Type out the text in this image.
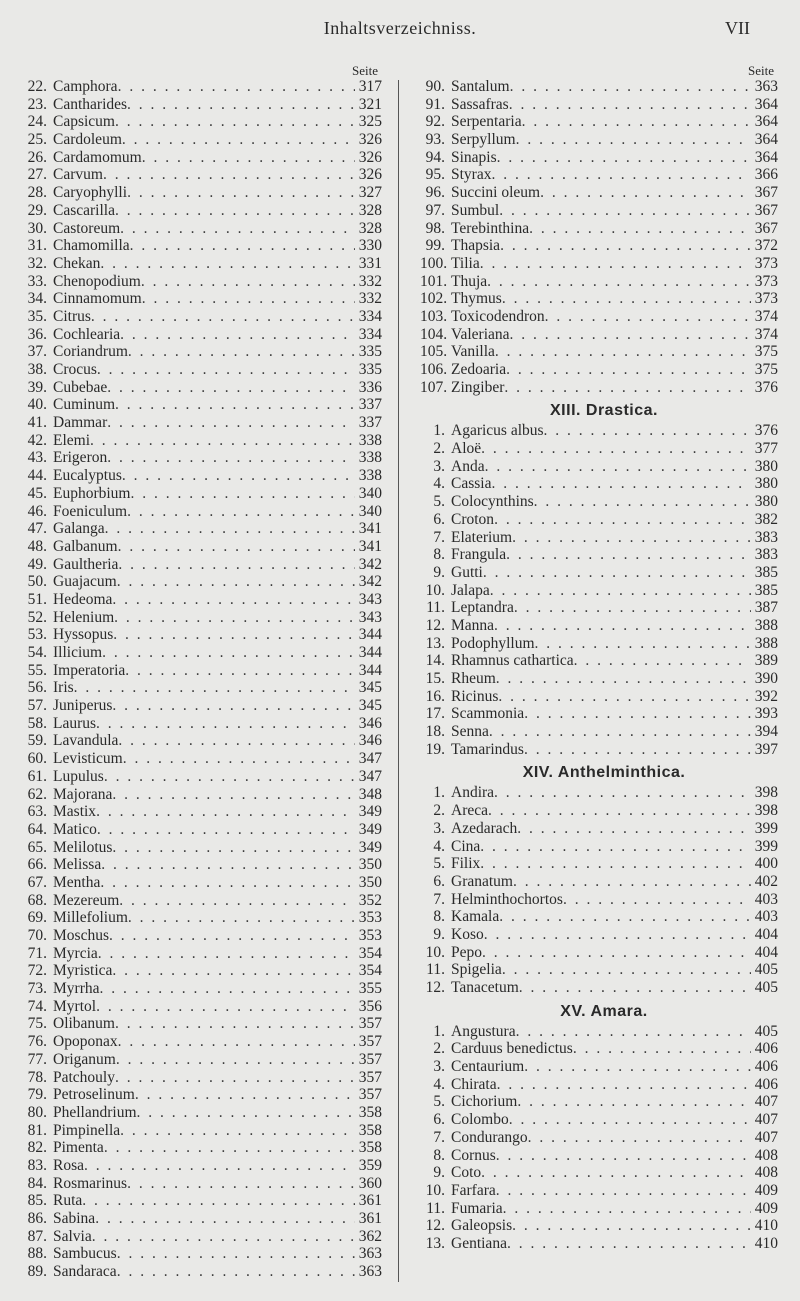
Inhaltsverzeichniss.	VII
Seite
22. Camphora . . .	317
23. Cantharides . . .	321
24. Capsicum . . .	325
25. Cardoleum . . .	326
26. Cardamomum . . .	326
27. Carvum . . .	326
28. Caryophylli . . .	327
29. Cascarilla . . .	328
30. Castoreum . . .	328
31. Chamomilla . . .	330
32. Chekan . . .	331
33. Chenopodium . . .	332
34. Cinnamomum . . .	332
35. Citrus . . .	334
36. Cochlearia . . .	334
37. Coriandrum . . .	335
38. Crocus . . .	335
39. Cubebae . . .	336
40. Cuminum . . .	337
41. Dammar . . .	337
42. Elemi . . .	338
43. Erigeron . . .	338
44. Eucalyptus . . .	338
45. Euphorbium . . .	340
46. Foeniculum . . .	340
47. Galanga . . .	341
48. Galbanum . . .	341
49. Gaultheria . . .	342
50. Guajacum . . .	342
51. Hedeoma . . .	343
52. Helenium . . .	343
53. Hyssopus . . .	344
54. Illicium . . .	344
55. Imperatoria . . .	344
56. Iris . . .	345
57. Juniperus . . .	345
58. Laurus . . .	346
59. Lavandula . . .	346
60. Levisticum . . .	347
61. Lupulus . . .	347
62. Majorana . . .	348
63. Mastix . . .	349
64. Matico . . .	349
65. Melilotus . . .	349
66. Melissa . . .	350
67. Mentha . . .	350
68. Mezereum . . .	352
69. Millefolium . . .	353
70. Moschus . . .	353
71. Myrcia . . .	354
72. Myristica . . .	354
73. Myrrha . . .	355
74. Myrtol . . .	356
75. Olibanum . . .	357
76. Opoponax . . .	357
77. Origanum . . .	357
78. Patchouly . . .	357
79. Petroselinum . . .	357
80. Phellandrium . . .	358
81. Pimpinella . . .	358
82. Pimenta . . .	358
83. Rosa . . .	359
84. Rosmarinus . . .	360
85. Ruta . . .	361
86. Sabina . . .	361
87. Salvia . . .	362
88. Sambucus . . .	363
89. Sandaraca . . .	363
Seite
90. Santalum . . .	363
91. Sassafras . . .	364
92. Serpentaria . . .	364
93. Serpyllum . . .	364
94. Sinapis . . .	364
95. Styrax . . .	366
96. Succini oleum . . .	367
97. Sumbul . . .	367
98. Terebinthina . . .	367
99. Thapsia . . .	372
100. Tilia . . .	373
101. Thuja . . .	373
102. Thymus . . .	373
103. Toxicodendron . . .	374
104. Valeriana . . .	374
105. Vanilla . . .	375
106. Zedoaria . . .	375
107. Zingiber . . .	376
XIII. Drastica.
1. Agaricus albus . . .	376
2. Aloë . . .	377
3. Anda . . .	380
4. Cassia . . .	380
5. Colocynthins . . .	380
6. Croton . . .	382
7. Elaterium . . .	383
8. Frangula . . .	383
9. Gutti . . .	385
10. Jalapa . . .	385
11. Leptandra . . .	387
12. Manna . . .	388
13. Podophyllum . . .	388
14. Rhamnus cathartica . . .	389
15. Rheum . . .	390
16. Ricinus . . .	392
17. Scammonia . . .	393
18. Senna . . .	394
19. Tamarindus . . .	397
XIV. Anthelminthica.
1. Andira . . .	398
2. Areca . . .	398
3. Azedarach . . .	399
4. Cina . . .	399
5. Filix . . .	400
6. Granatum . . .	402
7. Helminthochortos . . .	403
8. Kamala . . .	403
9. Koso . . .	404
10. Pepo . . .	404
11. Spigelia . . .	405
12. Tanacetum . . .	405
XV. Amara.
1. Angustura . . .	405
2. Carduus benedictus . . .	406
3. Centaurium . . .	406
4. Chirata . . .	406
5. Cichorium . . .	407
6. Colombo . . .	407
7. Condurango . . .	407
8. Cornus . . .	408
9. Coto . . .	408
10. Farfara . . .	409
11. Fumaria . . .	409
12. Galeopsis . . .	410
13. Gentiana . . .	410
